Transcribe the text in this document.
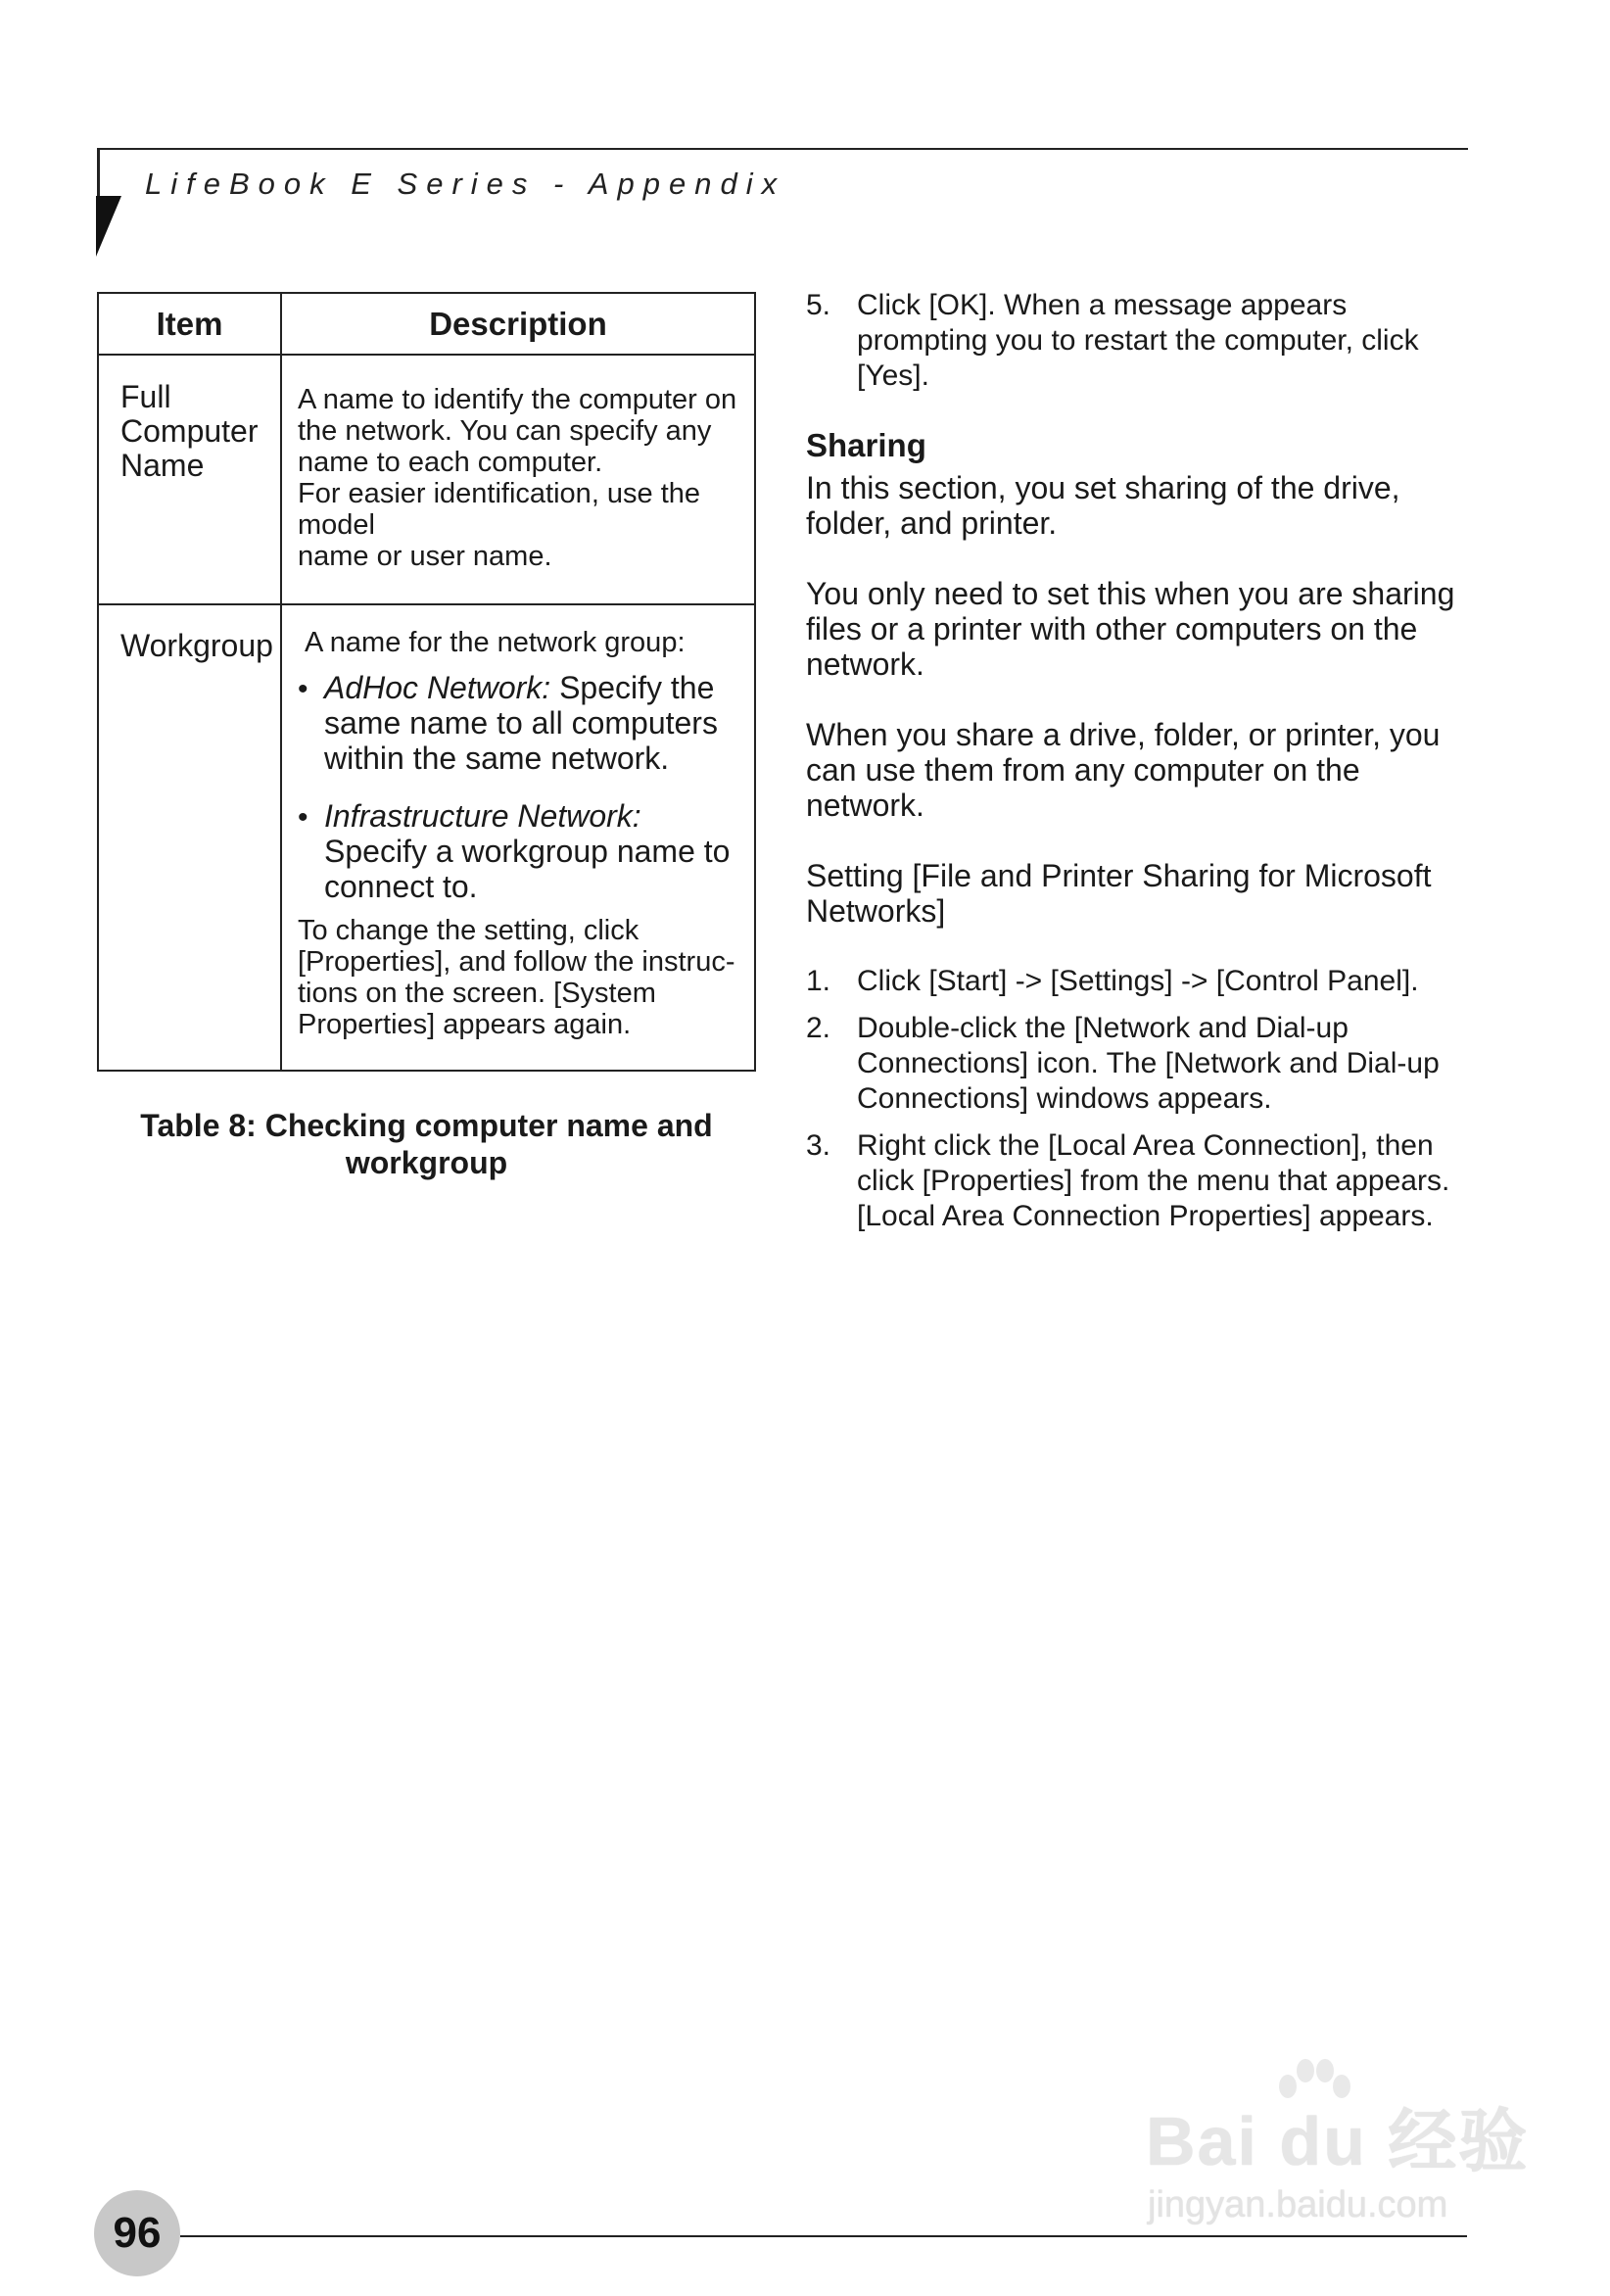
LifeBook E Series - Appendix
Item	Description
Full
Computer
Name
A name to identify the computer on
the network. You can specify any
name to each computer.
For easier identification, use the
model
name or user name.
Workgroup A name for the network group:
• AdHoc Network: Specify the
same name to all computers
within the same network.
• Infrastructure Network:
Specify a workgroup name to
connect to.
To change the setting, click
[Properties], and follow the instruc-
tions on the screen. [System
Properties] appears again.
Table 8: Checking computer name and
workgroup
5. Click [OK]. When a message appears
prompting you to restart the computer, click
[Yes].
Sharing
In this section, you set sharing of the drive,
folder, and printer.
You only need to set this when you are sharing
files or a printer with other computers on the
network.
When you share a drive, folder, or printer, you
can use them from any computer on the
network.
Setting [File and Printer Sharing for Microsoft
Networks]
1. Click [Start] -> [Settings] -> [Control Panel].
2. Double-click the [Network and Dial-up
Connections] icon. The [Network and Dial-up
Connections] windows appears.
3. Right click the [Local Area Connection], then
click [Properties] from the menu that appears.
[Local Area Connection Properties] appears.
Bai du 经验
jingyan.baidu.com
96
